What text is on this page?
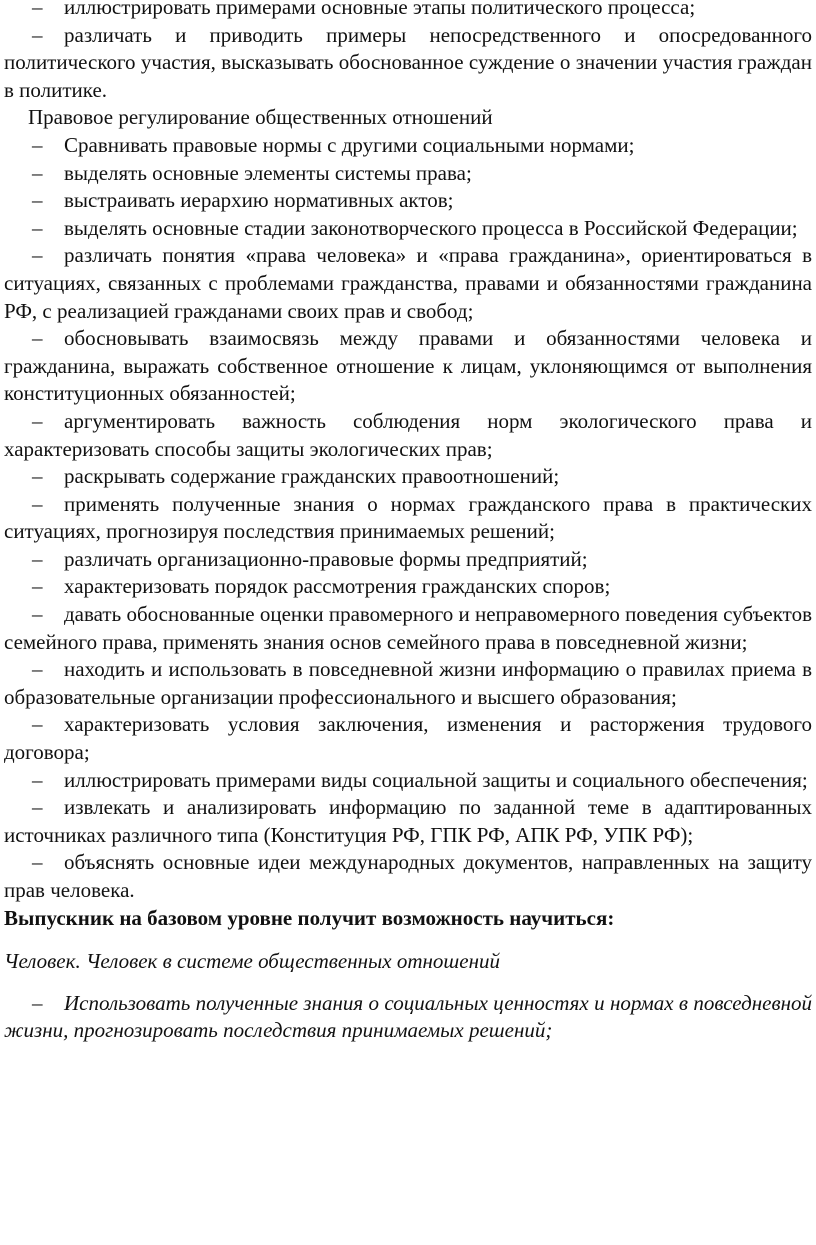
– иллюстрировать примерами основные этапы политического процесса;

– различать и приводить примеры непосредственного и опосредованного политического участия, высказывать обоснованное суждение о значении участия граждан в политике.

Правовое регулирование общественных отношений

– Сравнивать правовые нормы с другими социальными нормами;

– выделять основные элементы системы права;

– выстраивать иерархию нормативных актов;

– выделять основные стадии законотворческого процесса в Российской Федерации;

– различать понятия «права человека» и «права гражданина», ориентироваться в ситуациях, связанных с проблемами гражданства, правами и обязанностями гражданина РФ, с реализацией гражданами своих прав и свобод;

– обосновывать взаимосвязь между правами и обязанностями человека и гражданина, выражать собственное отношение к лицам, уклоняющимся от выполнения конституционных обязанностей;

– аргументировать важность соблюдения норм экологического права и характеризовать способы защиты экологических прав;

– раскрывать содержание гражданских правоотношений;

– применять полученные знания о нормах гражданского права в практических ситуациях, прогнозируя последствия принимаемых решений;

– различать организационно-правовые формы предприятий;

– характеризовать порядок рассмотрения гражданских споров;

– давать обоснованные оценки правомерного и неправомерного поведения субъектов семейного права, применять знания основ семейного права в повседневной жизни;

– находить и использовать в повседневной жизни информацию о правилах приема в образовательные организации профессионального и высшего образования;

– характеризовать условия заключения, изменения и расторжения трудового договора;

– иллюстрировать примерами виды социальной защиты и социального обеспечения;

– извлекать и анализировать информацию по заданной теме в адаптированных источниках различного типа (Конституция РФ, ГПК РФ, АПК РФ, УПК РФ);

– объяснять основные идеи международных документов, направленных на защиту прав человека.

Выпускник на базовом уровне получит возможность научиться:

Человек. Человек в системе общественных отношений

– Использовать полученные знания о социальных ценностях и нормах в повседневной жизни, прогнозировать последствия принимаемых решений;
